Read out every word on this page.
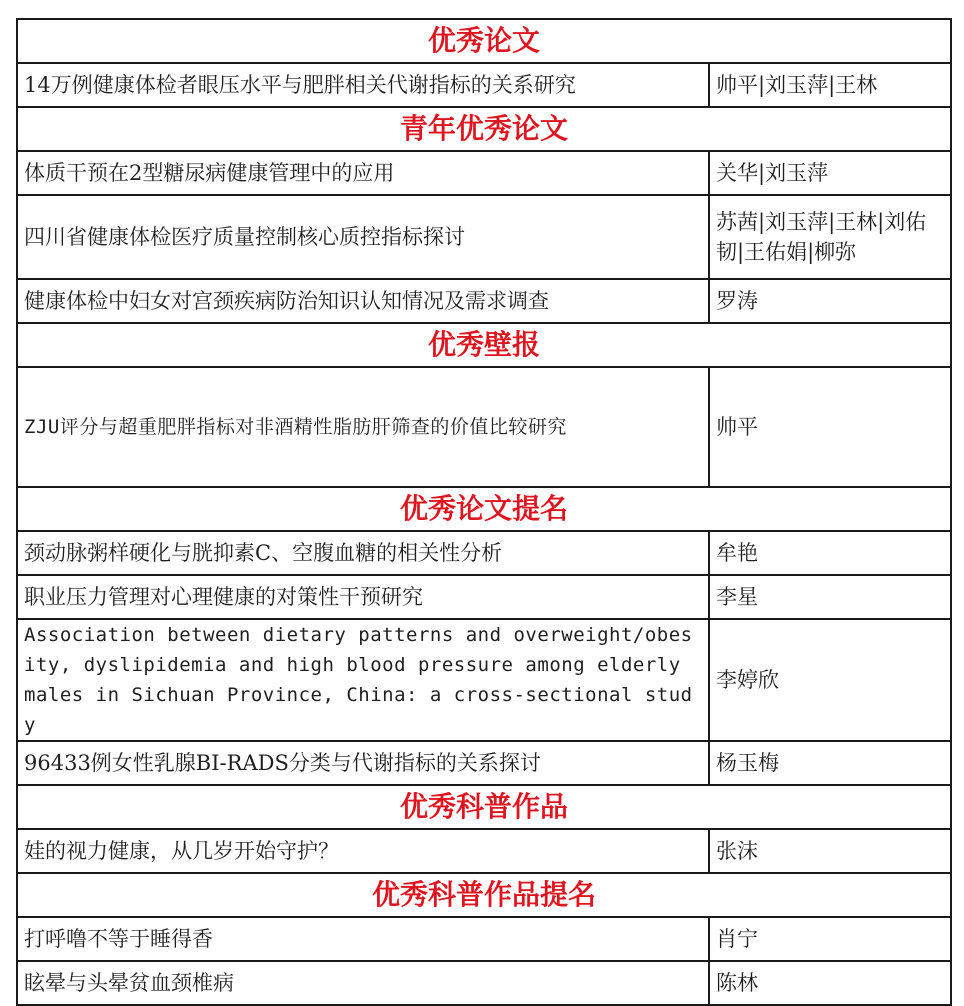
优秀论文	
14万例健康体检者眼压水平与肥胖相关代谢指标的关系研究	帅平|刘玉萍|王林
青年优秀论文	
体质干预在2型糖尿病健康管理中的应用	关华|刘玉萍
四川省健康体检医疗质量控制核心质控指标探讨	苏茜|刘玉萍|王林|刘佑韧|王佑娟|柳弥
健康体检中妇女对宫颈疾病防治知识认知情况及需求调查	罗涛
优秀壁报	
ZJU评分与超重肥胖指标对非酒精性脂肪肝筛查的价值比较研究	帅平
优秀论文提名	
颈动脉粥样硬化与胱抑素C、空腹血糖的相关性分析	牟艳
职业压力管理对心理健康的对策性干预研究	李星
Association between dietary patterns and overweight/obesity, dyslipidemia and high blood pressure among elderly males in Sichuan Province, China: a cross-sectional study	李婷欣
96433例女性乳腺BI-RADS分类与代谢指标的关系探讨	杨玉梅
优秀科普作品	
娃的视力健康，从几岁开始守护？	张沫
优秀科普作品提名	
打呼噜不等于睡得香	肖宁
眩晕与头晕贫血颈椎病	陈林
